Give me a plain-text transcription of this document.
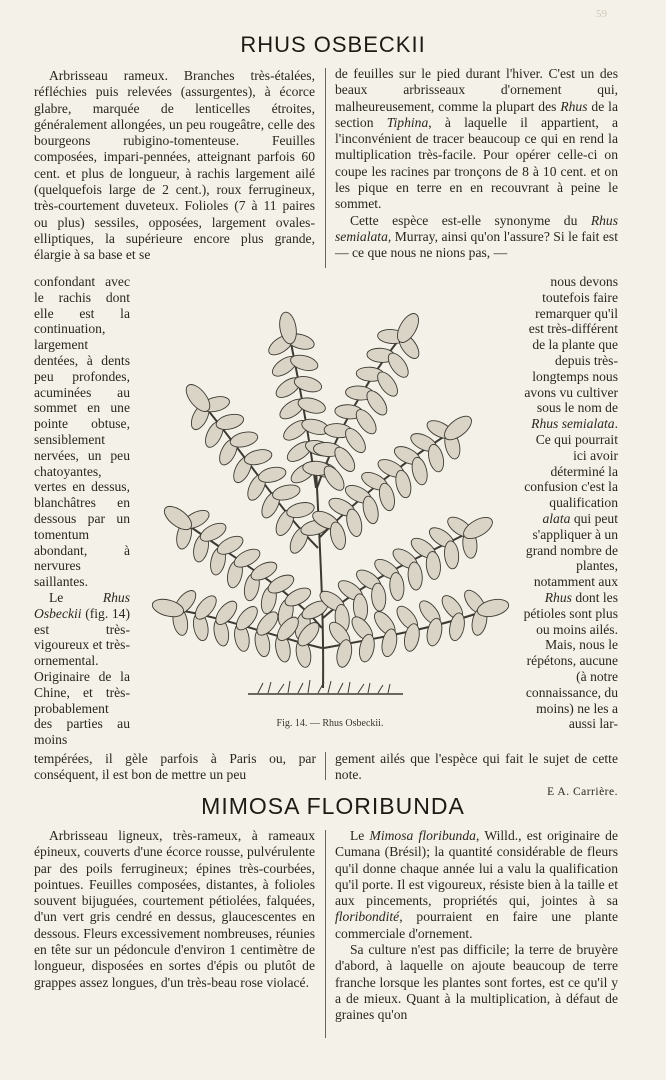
59
RHUS OSBECKII

Arbrisseau rameux. Branches très-étalées, réfléchies puis relevées (assurgentes), à écorce glabre, marquée de lenticelles étroites, généralement allongées, un peu rougeâtre, celle des bourgeons rubigino-tomenteuse. Feuilles composées, impari-pennées, atteignant parfois 60 cent. et plus de longueur, à rachis largement ailé (quelquefois large de 2 cent.), roux ferrugineux, très-courtement duveteux. Folioles (7 à 11 paires ou plus) sessiles, opposées, largement ovales-elliptiques, la supérieure encore plus grande, élargie à sa base et se

de feuilles sur le pied durant l'hiver. C'est un des beaux arbrisseaux d'ornement qui, malheureusement, comme la plupart des Rhus de la section Tiphina, à laquelle il appartient, a l'inconvénient de tracer beaucoup ce qui en rend la multiplication très-facile. Pour opérer celle-ci on coupe les racines par tronçons de 8 à 10 cent. et on les pique en terre en en recouvrant à peine le sommet.

Cette espèce est-elle synonyme du Rhus semialata, Murray, ainsi qu'on l'assure? Si le fait est — ce que nous ne nions pas, —

confondant avec le rachis dont elle est la continuation, largement dentées, à dents peu profondes, acuminées au sommet en une pointe obtuse, sensiblement nervées, un peu chatoyantes, vertes en dessus, blanchâtres en dessous par un tomentum abondant, à nervures saillantes.

Le Rhus Osbeckii (fig. 14) est très-vigoureux et très-ornemental. Originaire de la Chine, et très-probablement des parties au moins

nous devons toutefois faire remarquer qu'il est très-différent de la plante que depuis très-longtemps nous avons vu cultiver sous le nom de Rhus semialata. Ce qui pourrait ici avoir déterminé la confusion c'est la qualification alata qui peut s'appliquer à un grand nombre de plantes, notamment aux Rhus dont les pétioles sont plus ou moins ailés. Mais, nous le répétons, aucune (à notre connaissance, du moins) ne les a aussi lar-

Fig. 14. — Rhus Osbeckii.

tempérées, il gèle parfois à Paris ou, par conséquent, il est bon de mettre un peu

gement ailés que l'espèce qui fait le sujet de cette note.

E A. Carrière.
MIMOSA FLORIBUNDA

Arbrisseau ligneux, très-rameux, à rameaux épineux, couverts d'une écorce rousse, pulvérulente par des poils ferrugineux; épines très-courbées, pointues. Feuilles composées, distantes, à folioles souvent bijuguées, courtement pétiolées, falquées, d'un vert gris cendré en dessus, glaucescentes en dessous. Fleurs excessivement nombreuses, réunies en tête sur un pédoncule d'environ 1 centimètre de longueur, disposées en sortes d'épis ou plutôt de grappes assez longues, d'un très-beau rose violacé.

Le Mimosa floribunda, Willd., est originaire de Cumana (Brésil); la quantité considérable de fleurs qu'il donne chaque année lui a valu la qualification qu'il porte. Il est vigoureux, résiste bien à la taille et aux pincements, propriétés qui, jointes à sa floribondité, pourraient en faire une plante commerciale d'ornement.

Sa culture n'est pas difficile; la terre de bruyère d'abord, à laquelle on ajoute beaucoup de terre franche lorsque les plantes sont fortes, est ce qu'il y a de mieux. Quant à la multiplication, à défaut de graines qu'on
